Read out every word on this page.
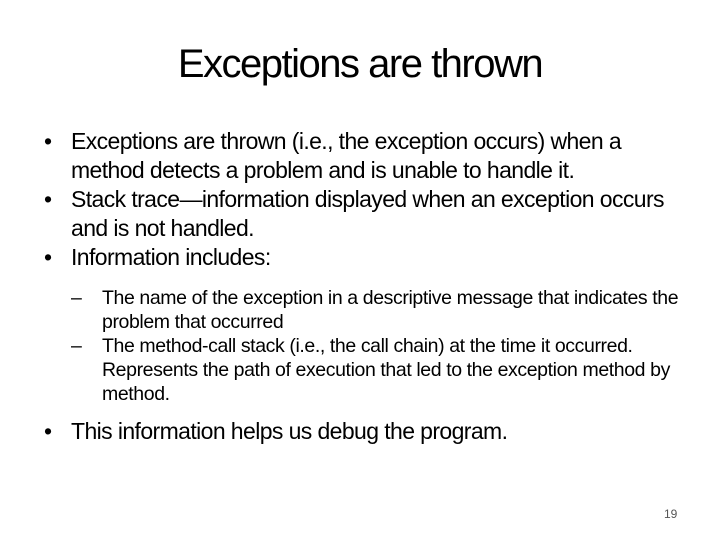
Exceptions are thrown
• Exceptions are thrown (i.e., the exception occurs) when a method detects a problem and is unable to handle it.
• Stack trace—information displayed when an exception occurs and is not handled.
• Information includes:
– The name of the exception in a descriptive message that indicates the problem that occurred
– The method-call stack (i.e., the call chain) at the time it occurred. Represents the path of execution that led to the exception method by method.
• This information helps us debug the program.
19
